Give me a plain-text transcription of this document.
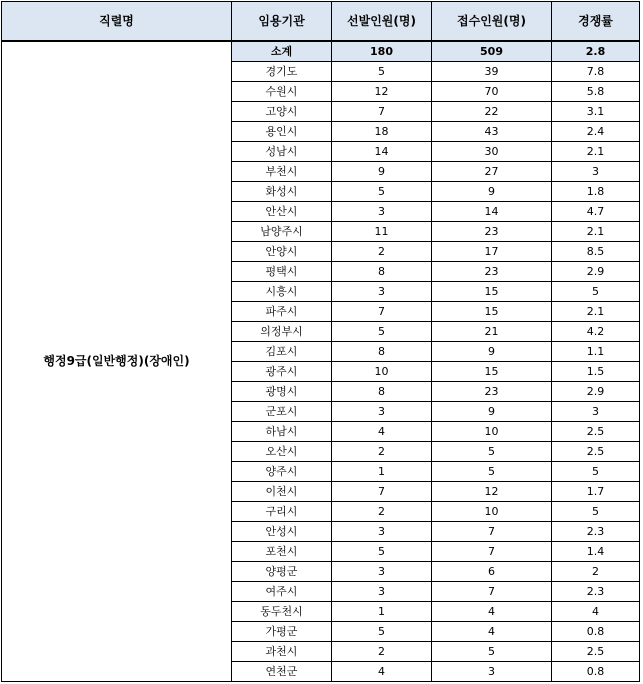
직렬명	임용기관	선발인원(명)	접수인원(명)	경쟁률
행정9급(일반행정)(장애인)	소계	180	509	2.8
	경기도	5	39	7.8
	수원시	12	70	5.8
	고양시	7	22	3.1
	용인시	18	43	2.4
	성남시	14	30	2.1
	부천시	9	27	3
	화성시	5	9	1.8
	안산시	3	14	4.7
	남양주시	11	23	2.1
	안양시	2	17	8.5
	평택시	8	23	2.9
	시흥시	3	15	5
	파주시	7	15	2.1
	의정부시	5	21	4.2
	김포시	8	9	1.1
	광주시	10	15	1.5
	광명시	8	23	2.9
	군포시	3	9	3
	하남시	4	10	2.5
	오산시	2	5	2.5
	양주시	1	5	5
	이천시	7	12	1.7
	구리시	2	10	5
	안성시	3	7	2.3
	포천시	5	7	1.4
	양평군	3	6	2
	여주시	3	7	2.3
	동두천시	1	4	4
	가평군	5	4	0.8
	과천시	2	5	2.5
	연천군	4	3	0.8
